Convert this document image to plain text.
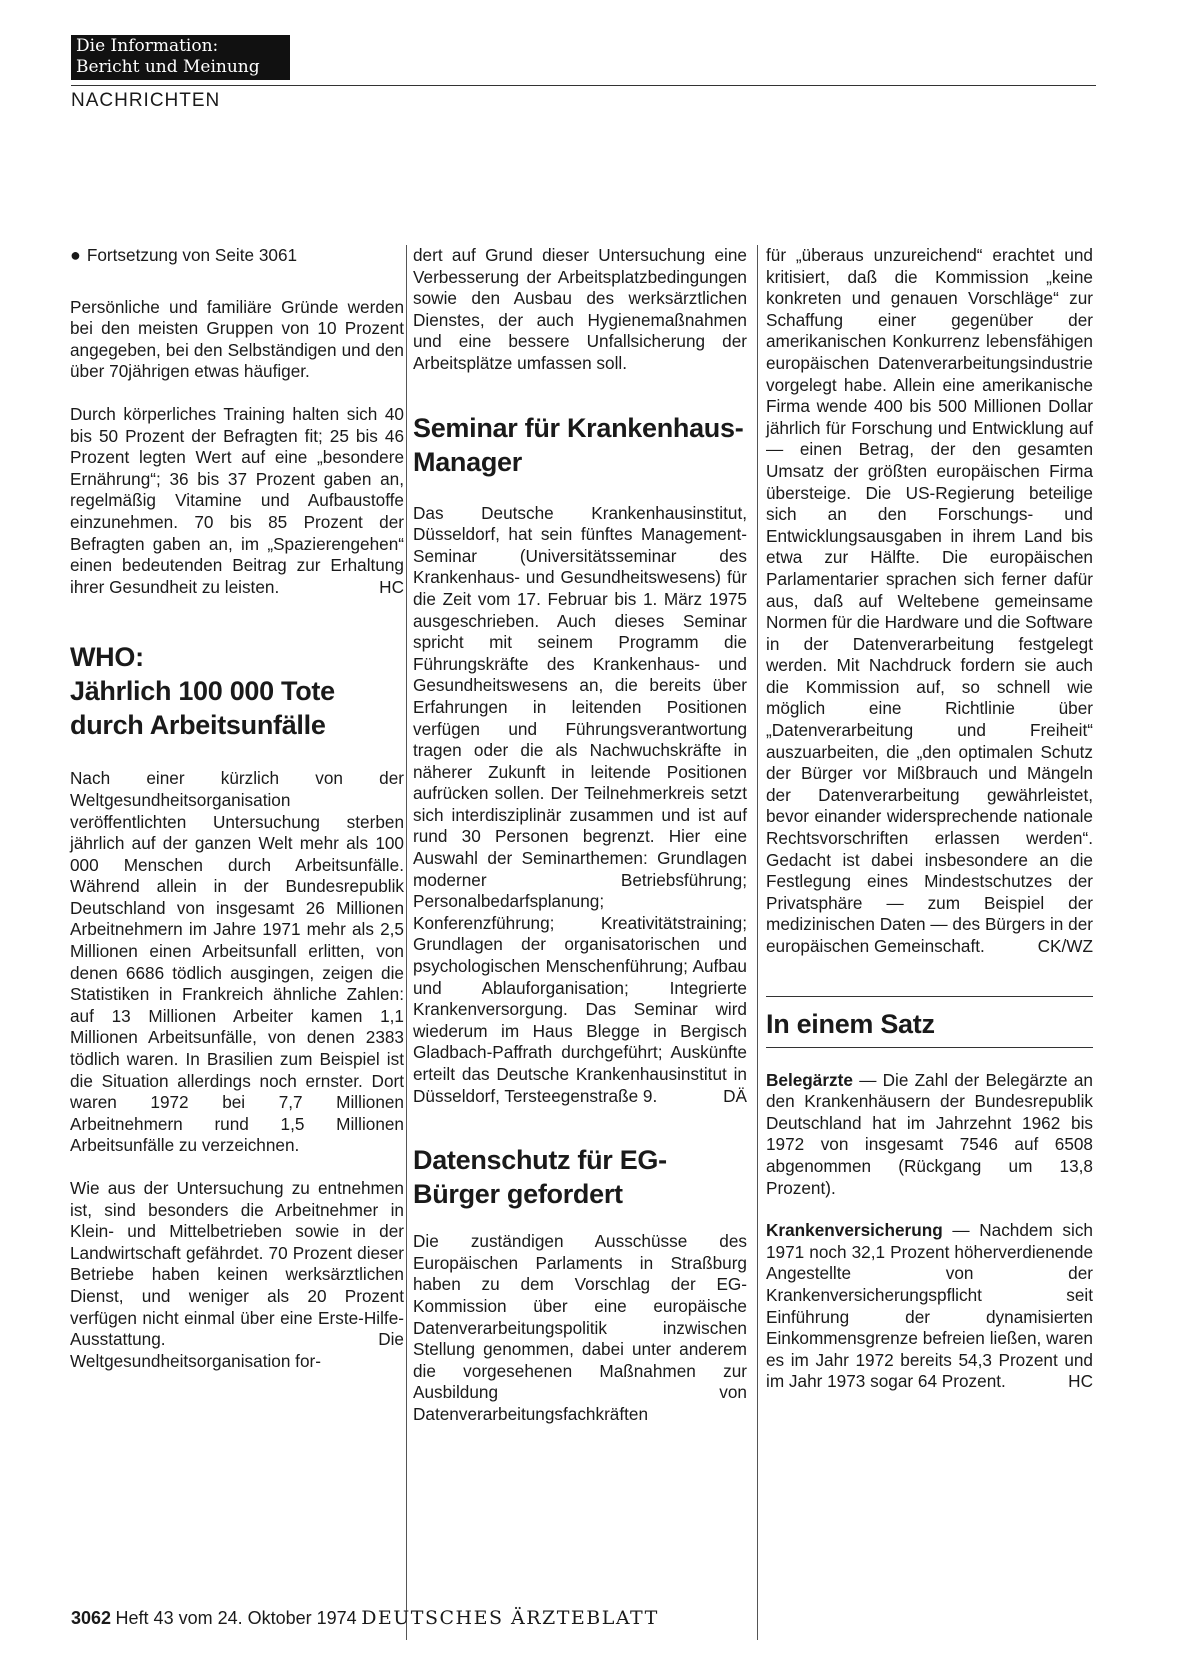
Die Information:
Bericht und Meinung
NACHRICHTEN

● Fortsetzung von Seite 3061

Persönliche und familiäre Gründe werden bei den meisten Gruppen von 10 Prozent angegeben, bei den Selbständigen und den über 70jährigen etwas häufiger.

Durch körperliches Training halten sich 40 bis 50 Prozent der Befragten fit; 25 bis 46 Prozent legten Wert auf eine „besondere Ernährung“; 36 bis 37 Prozent gaben an, regelmäßig Vitamine und Aufbaustoffe einzunehmen. 70 bis 85 Prozent der Befragten gaben an, im „Spazierengehen“ einen bedeutenden Beitrag zur Erhaltung ihrer Gesundheit zu leisten.	HC

WHO:
Jährlich 100 000 Tote durch Arbeitsunfälle

Nach einer kürzlich von der Weltgesundheitsorganisation veröffentlichten Untersuchung sterben jährlich auf der ganzen Welt mehr als 100 000 Menschen durch Arbeitsunfälle. Während allein in der Bundesrepublik Deutschland von insgesamt 26 Millionen Arbeitnehmern im Jahre 1971 mehr als 2,5 Millionen einen Arbeitsunfall erlitten, von denen 6686 tödlich ausgingen, zeigen die Statistiken in Frankreich ähnliche Zahlen: auf 13 Millionen Arbeiter kamen 1,1 Millionen Arbeitsunfälle, von denen 2383 tödlich waren. In Brasilien zum Beispiel ist die Situation allerdings noch ernster. Dort waren 1972 bei 7,7 Millionen Arbeitnehmern rund 1,5 Millionen Arbeitsunfälle zu verzeichnen.

Wie aus der Untersuchung zu entnehmen ist, sind besonders die Arbeitnehmer in Klein- und Mittelbetrieben sowie in der Landwirtschaft gefährdet. 70 Prozent dieser Betriebe haben keinen werksärztlichen Dienst, und weniger als 20 Prozent verfügen nicht einmal über eine Erste-Hilfe-Ausstattung. Die Weltgesundheitsorganisation for-

dert auf Grund dieser Untersuchung eine Verbesserung der Arbeitsplatzbedingungen sowie den Ausbau des werksärztlichen Dienstes, der auch Hygienemaßnahmen und eine bessere Unfallsicherung der Arbeitsplätze umfassen soll.

Seminar für Krankenhaus-Manager

Das Deutsche Krankenhausinstitut, Düsseldorf, hat sein fünftes Management-Seminar (Universitätsseminar des Krankenhaus- und Gesundheitswesens) für die Zeit vom 17. Februar bis 1. März 1975 ausgeschrieben. Auch dieses Seminar spricht mit seinem Programm die Führungskräfte des Krankenhaus- und Gesundheitswesens an, die bereits über Erfahrungen in leitenden Positionen verfügen und Führungsverantwortung tragen oder die als Nachwuchskräfte in näherer Zukunft in leitende Positionen aufrücken sollen. Der Teilnehmerkreis setzt sich interdisziplinär zusammen und ist auf rund 30 Personen begrenzt. Hier eine Auswahl der Seminarthemen: Grundlagen moderner Betriebsführung; Personalbedarfsplanung; Konferenzführung; Kreativitätstraining; Grundlagen der organisatorischen und psychologischen Menschenführung; Aufbau und Ablauforganisation; Integrierte Krankenversorgung. Das Seminar wird wiederum im Haus Blegge in Bergisch Gladbach-Paffrath durchgeführt; Auskünfte erteilt das Deutsche Krankenhausinstitut in Düsseldorf, Tersteegenstraße 9.	DÄ

Datenschutz für EG-Bürger gefordert

Die zuständigen Ausschüsse des Europäischen Parlaments in Straßburg haben zu dem Vorschlag der EG-Kommission über eine europäische Datenverarbeitungspolitik inzwischen Stellung genommen, dabei unter anderem die vorgesehenen Maßnahmen zur Ausbildung von Datenverarbeitungsfachkräften

für „überaus unzureichend“ erachtet und kritisiert, daß die Kommission „keine konkreten und genauen Vorschläge“ zur Schaffung einer gegenüber der amerikanischen Konkurrenz lebensfähigen europäischen Datenverarbeitungsindustrie vorgelegt habe. Allein eine amerikanische Firma wende 400 bis 500 Millionen Dollar jährlich für Forschung und Entwicklung auf — einen Betrag, der den gesamten Umsatz der größten europäischen Firma übersteige. Die US-Regierung beteilige sich an den Forschungs- und Entwicklungsausgaben in ihrem Land bis etwa zur Hälfte. Die europäischen Parlamentarier sprachen sich ferner dafür aus, daß auf Weltebene gemeinsame Normen für die Hardware und die Software in der Datenverarbeitung festgelegt werden. Mit Nachdruck fordern sie auch die Kommission auf, so schnell wie möglich eine Richtlinie über „Datenverarbeitung und Freiheit“ auszuarbeiten, die „den optimalen Schutz der Bürger vor Mißbrauch und Mängeln der Datenverarbeitung gewährleistet, bevor einander widersprechende nationale Rechtsvorschriften erlassen werden“. Gedacht ist dabei insbesondere an die Festlegung eines Mindestschutzes der Privatsphäre — zum Beispiel der medizinischen Daten — des Bürgers in der europäischen Gemeinschaft.	CK/WZ

In einem Satz

Belegärzte — Die Zahl der Belegärzte an den Krankenhäusern der Bundesrepublik Deutschland hat im Jahrzehnt 1962 bis 1972 von insgesamt 7546 auf 6508 abgenommen (Rückgang um 13,8 Prozent).

Krankenversicherung — Nachdem sich 1971 noch 32,1 Prozent höherverdienende Angestellte von der Krankenversicherungspflicht seit Einführung der dynamisierten Einkommensgrenze befreien ließen, waren es im Jahr 1972 bereits 54,3 Prozent und im Jahr 1973 sogar 64 Prozent.	HC

3062 Heft 43 vom 24. Oktober 1974 DEUTSCHES ÄRZTEBLATT
